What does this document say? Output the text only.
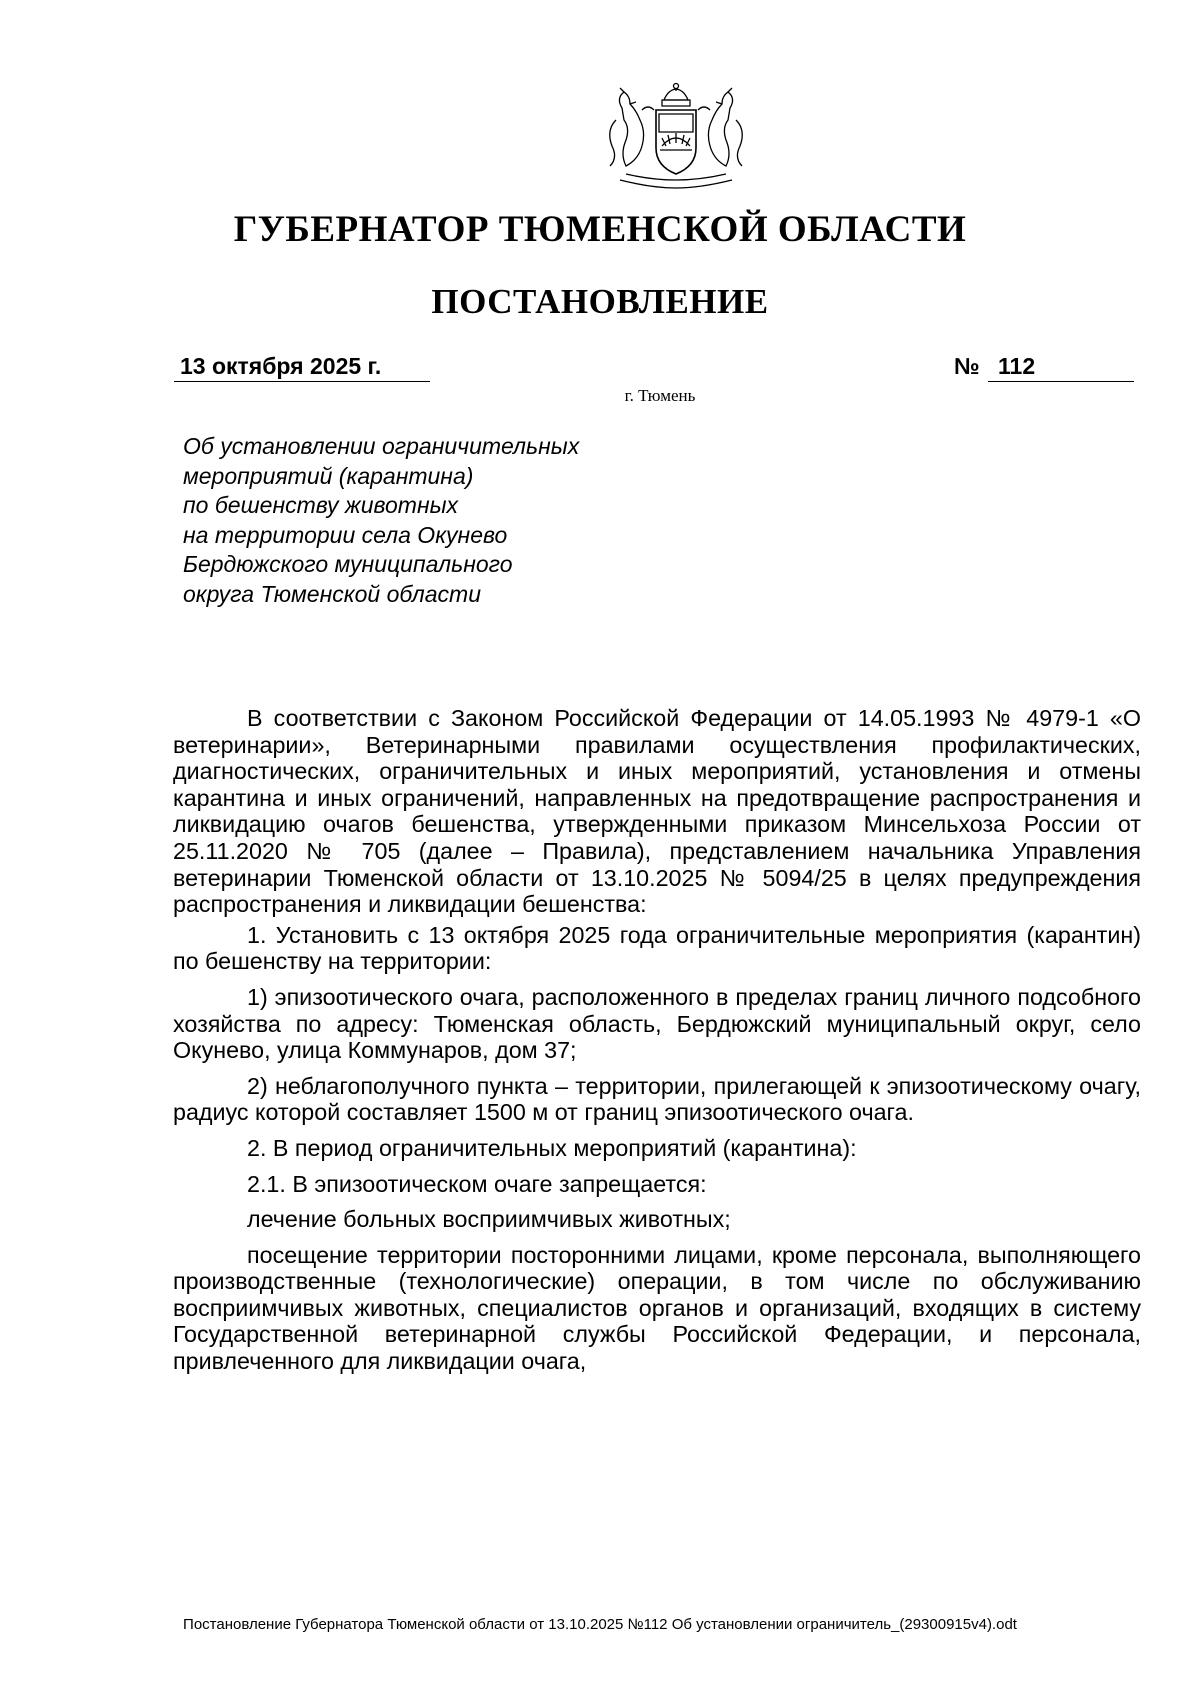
ГУБЕРНАТОР ТЮМЕНСКОЙ ОБЛАСТИ
ПОСТАНОВЛЕНИЕ
13 октября 2025 г.	№ 112
г. Тюмень
Об установлении ограничительных
мероприятий (карантина)
по бешенству животных
на территории села Окунево
Бердюжского муниципального
округа Тюменской области

В соответствии с Законом Российской Федерации от 14.05.1993 № 4979-1 «О ветеринарии», Ветеринарными правилами осуществления профилактических, диагностических, ограничительных и иных мероприятий, установления и отмены карантина и иных ограничений, направленных на предотвращение распространения и ликвидацию очагов бешенства, утвержденными приказом Минсельхоза России от 25.11.2020 № 705 (далее – Правила), представлением начальника Управления ветеринарии Тюменской области от 13.10.2025 № 5094/25 в целях предупреждения распространения и ликвидации бешенства:

1. Установить с 13 октября 2025 года ограничительные мероприятия (карантин) по бешенству на территории:

1) эпизоотического очага, расположенного в пределах границ личного подсобного хозяйства по адресу: Тюменская область, Бердюжский муниципальный округ, село Окунево, улица Коммунаров, дом 37;

2) неблагополучного пункта – территории, прилегающей к эпизоотическому очагу, радиус которой составляет 1500 м от границ эпизоотического очага.

2. В период ограничительных мероприятий (карантина):

2.1. В эпизоотическом очаге запрещается:

лечение больных восприимчивых животных;

посещение территории посторонними лицами, кроме персонала, выполняющего производственные (технологические) операции, в том числе по обслуживанию восприимчивых животных, специалистов органов и организаций, входящих в систему Государственной ветеринарной службы Российской Федерации, и персонала, привлеченного для ликвидации очага,

Постановление Губернатора Тюменской области от 13.10.2025 №112 Об установлении ограничитель_(29300915v4).odt
